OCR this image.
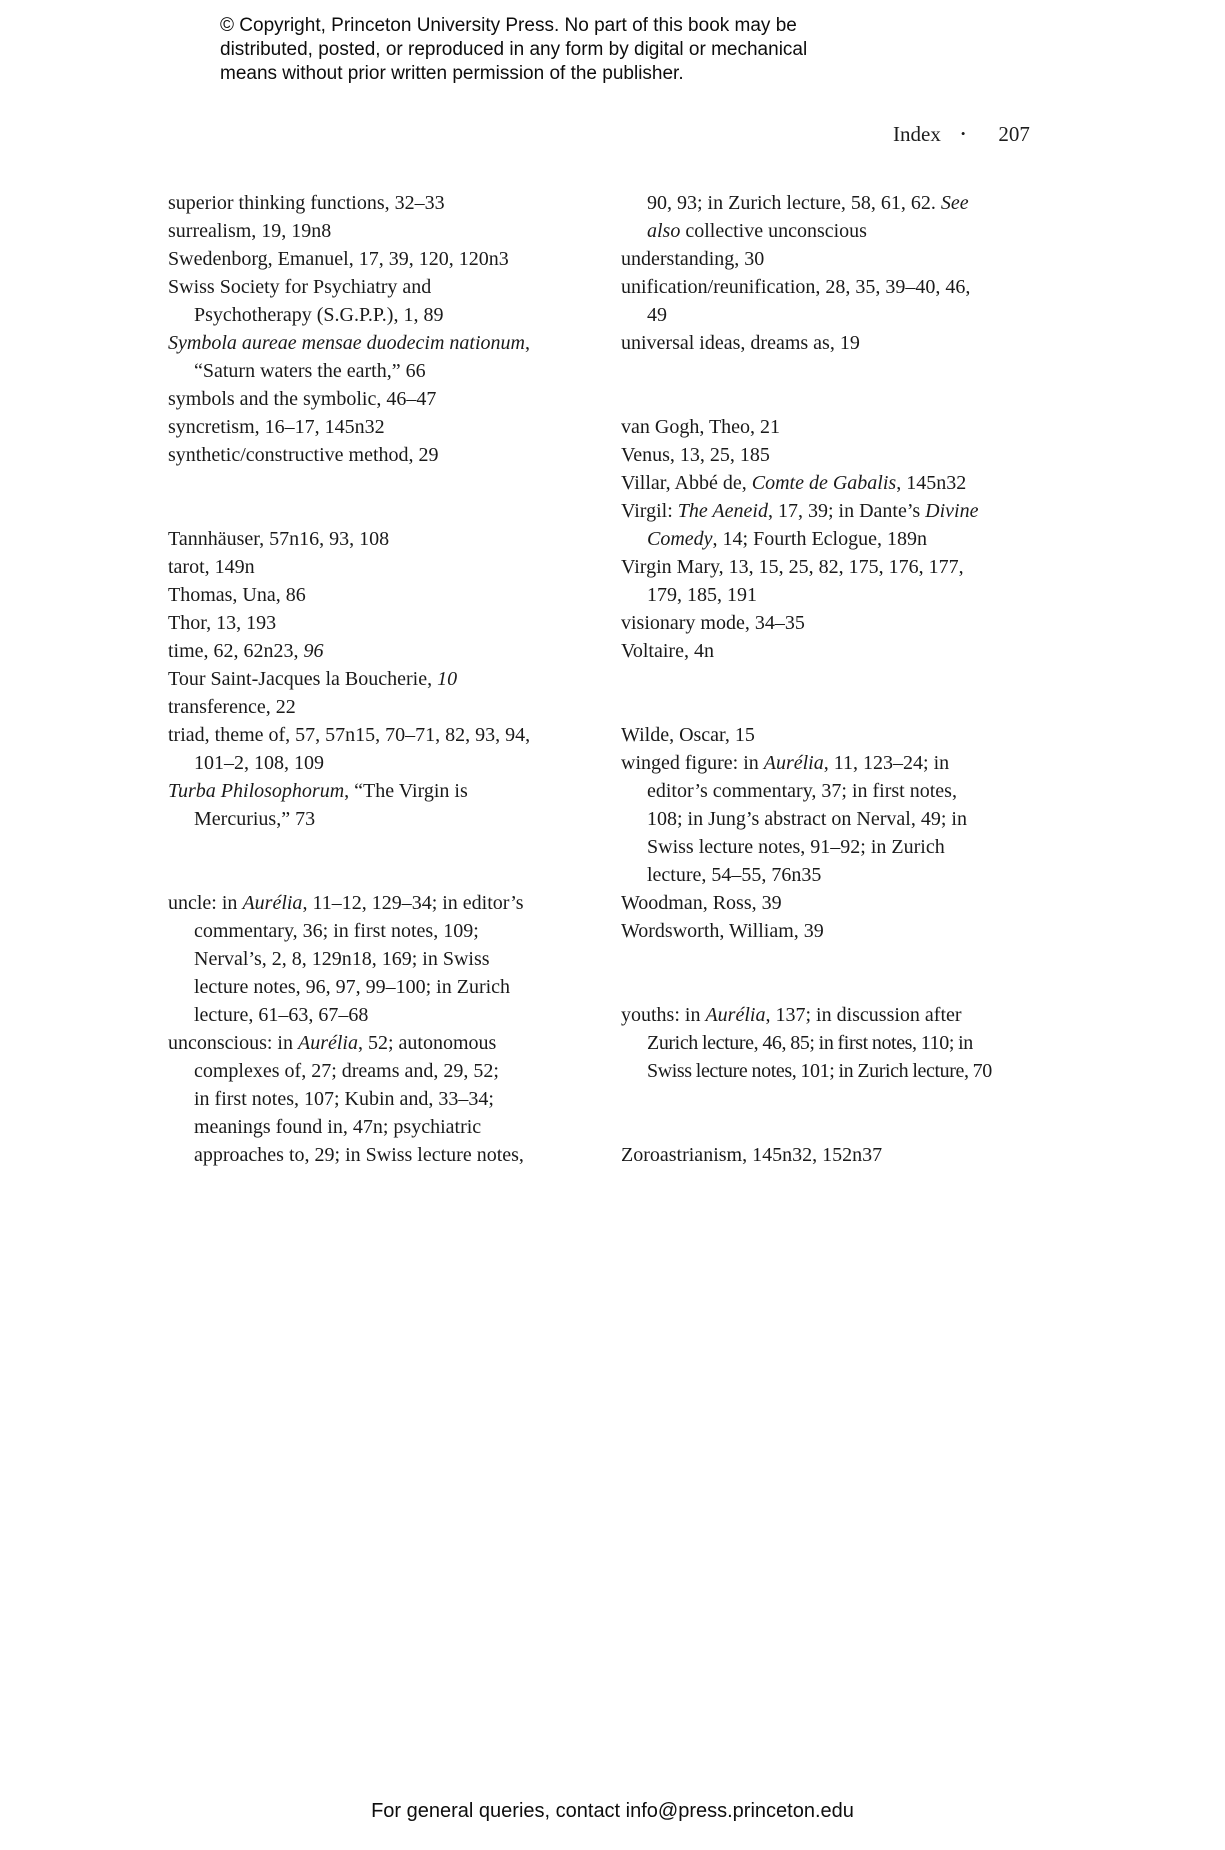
© Copyright, Princeton University Press. No part of this book may be
distributed, posted, or reproduced in any form by digital or mechanical
means without prior written permission of the publisher.
Index • 207
superior thinking functions, 32–33
surrealism, 19, 19n8
Swedenborg, Emanuel, 17, 39, 120, 120n3
Swiss Society for Psychiatry and
Psychotherapy (S.G.P.P.), 1, 89
Symbola aureae mensae duodecim nationum,
“Saturn waters the earth,” 66
symbols and the symbolic, 46–47
syncretism, 16–17, 145n32
synthetic/constructive method, 29
Tannhäuser, 57n16, 93, 108
tarot, 149n
Thomas, Una, 86
Thor, 13, 193
time, 62, 62n23, 96
Tour Saint-Jacques la Boucherie, 10
transference, 22
triad, theme of, 57, 57n15, 70–71, 82, 93, 94,
101–2, 108, 109
Turba Philosophorum, “The Virgin is
Mercurius,” 73
uncle: in Aurélia, 11–12, 129–34; in editor’s
commentary, 36; in first notes, 109;
Nerval’s, 2, 8, 129n18, 169; in Swiss
lecture notes, 96, 97, 99–100; in Zurich
lecture, 61–63, 67–68
unconscious: in Aurélia, 52; autonomous
complexes of, 27; dreams and, 29, 52;
in first notes, 107; Kubin and, 33–34;
meanings found in, 47n; psychiatric
approaches to, 29; in Swiss lecture notes,
90, 93; in Zurich lecture, 58, 61, 62. See
also collective unconscious
understanding, 30
unification/reunification, 28, 35, 39–40, 46,
49
universal ideas, dreams as, 19
van Gogh, Theo, 21
Venus, 13, 25, 185
Villar, Abbé de, Comte de Gabalis, 145n32
Virgil: The Aeneid, 17, 39; in Dante’s Divine
Comedy, 14; Fourth Eclogue, 189n
Virgin Mary, 13, 15, 25, 82, 175, 176, 177,
179, 185, 191
visionary mode, 34–35
Voltaire, 4n
Wilde, Oscar, 15
winged figure: in Aurélia, 11, 123–24; in
editor’s commentary, 37; in first notes,
108; in Jung’s abstract on Nerval, 49; in
Swiss lecture notes, 91–92; in Zurich
lecture, 54–55, 76n35
Woodman, Ross, 39
Wordsworth, William, 39
youths: in Aurélia, 137; in discussion after
Zurich lecture, 46, 85; in first notes, 110; in
Swiss lecture notes, 101; in Zurich lecture, 70
Zoroastrianism, 145n32, 152n37
For general queries, contact info@press.princeton.edu
